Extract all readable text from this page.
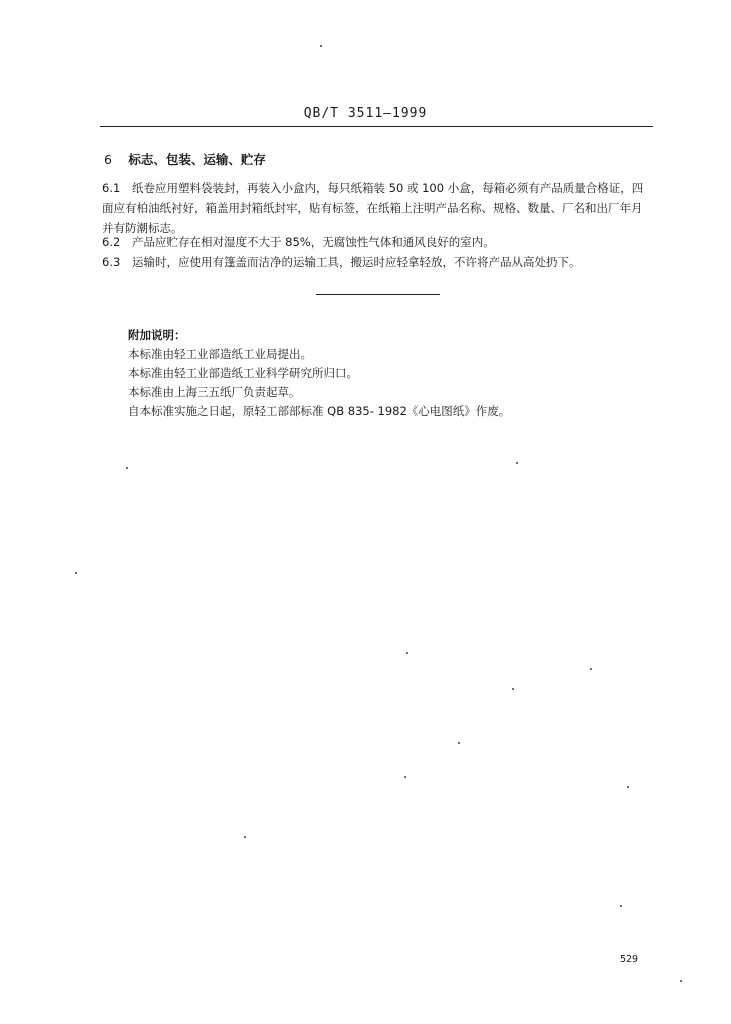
QB/T 3511—1999
6 标志、包装、运输、贮存
6.1 纸卷应用塑料袋装封，再装入小盒内，每只纸箱装 50 或 100 小盒，每箱必须有产品质量合格证，四
面应有柏油纸衬好，箱盖用封箱纸封牢，贴有标签，在纸箱上注明产品名称、规格、数量、厂名和出厂年月
并有防潮标志。
6.2 产品应贮存在相对湿度不大于 85%，无腐蚀性气体和通风良好的室内。
6.3 运输时，应使用有篷盖而洁净的运输工具，搬运时应轻拿轻放，不许将产品从高处扔下。
附加说明：
本标准由轻工业部造纸工业局提出。
本标准由轻工业部造纸工业科学研究所归口。
本标准由上海三五纸厂负责起草。
自本标准实施之日起，原轻工部部标准 QB 835- 1982《心电图纸》作废。
529
